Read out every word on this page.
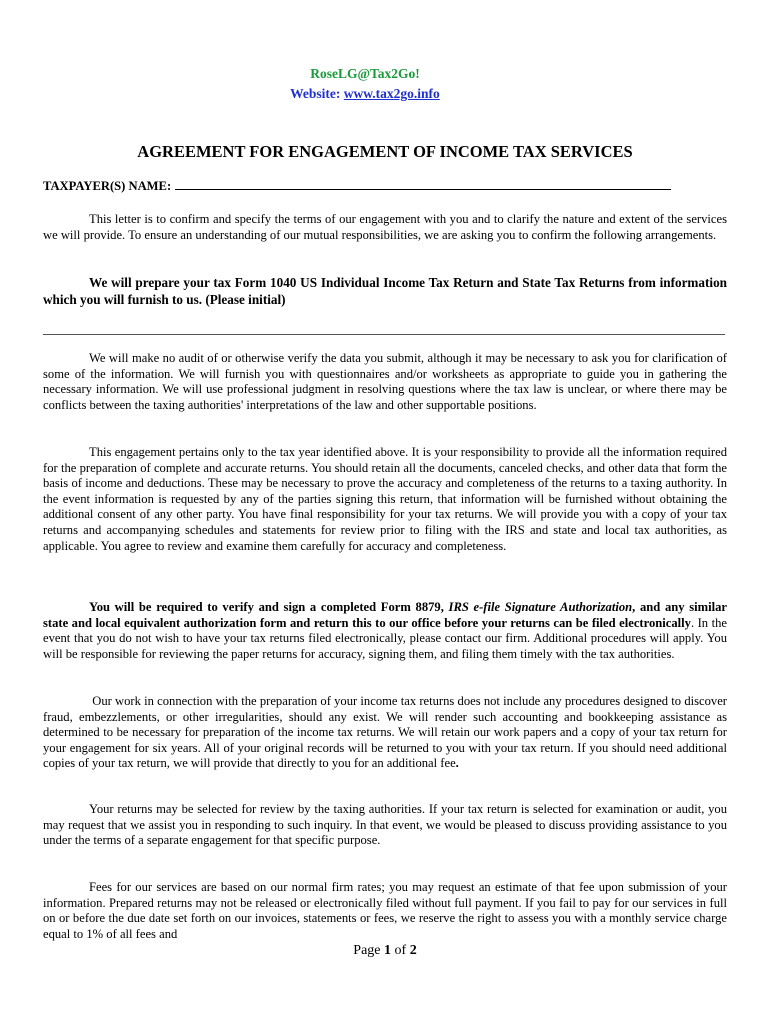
RoseLG@Tax2Go!
Website: www.tax2go.info
AGREEMENT FOR ENGAGEMENT OF INCOME TAX SERVICES
TAXPAYER(S) NAME:
This letter is to confirm and specify the terms of our engagement with you and to clarify the nature and extent of the services we will provide. To ensure an understanding of our mutual responsibilities, we are asking you to confirm the following arrangements.
We will prepare your tax Form 1040 US Individual Income Tax Return and State Tax Returns from information which you will furnish to us. (Please initial)
We will make no audit of or otherwise verify the data you submit, although it may be necessary to ask you for clarification of some of the information. We will furnish you with questionnaires and/or worksheets as appropriate to guide you in gathering the necessary information. We will use professional judgment in resolving questions where the tax law is unclear, or where there may be conflicts between the taxing authorities' interpretations of the law and other supportable positions.
This engagement pertains only to the tax year identified above. It is your responsibility to provide all the information required for the preparation of complete and accurate returns. You should retain all the documents, canceled checks, and other data that form the basis of income and deductions. These may be necessary to prove the accuracy and completeness of the returns to a taxing authority. In the event information is requested by any of the parties signing this return, that information will be furnished without obtaining the additional consent of any other party. You have final responsibility for your tax returns. We will provide you with a copy of your tax returns and accompanying schedules and statements for review prior to filing with the IRS and state and local tax authorities, as applicable. You agree to review and examine them carefully for accuracy and completeness.
You will be required to verify and sign a completed Form 8879, IRS e-file Signature Authorization, and any similar state and local equivalent authorization form and return this to our office before your returns can be filed electronically. In the event that you do not wish to have your tax returns filed electronically, please contact our firm. Additional procedures will apply. You will be responsible for reviewing the paper returns for accuracy, signing them, and filing them timely with the tax authorities.
Our work in connection with the preparation of your income tax returns does not include any procedures designed to discover fraud, embezzlements, or other irregularities, should any exist. We will render such accounting and bookkeeping assistance as determined to be necessary for preparation of the income tax returns. We will retain our work papers and a copy of your tax return for your engagement for six years. All of your original records will be returned to you with your tax return. If you should need additional copies of your tax return, we will provide that directly to you for an additional fee.
Your returns may be selected for review by the taxing authorities. If your tax return is selected for examination or audit, you may request that we assist you in responding to such inquiry. In that event, we would be pleased to discuss providing assistance to you under the terms of a separate engagement for that specific purpose.
Fees for our services are based on our normal firm rates; you may request an estimate of that fee upon submission of your information. Prepared returns may not be released or electronically filed without full payment. If you fail to pay for our services in full on or before the due date set forth on our invoices, statements or fees, we reserve the right to assess you with a monthly service charge equal to 1% of all fees and
Page 1 of 2
